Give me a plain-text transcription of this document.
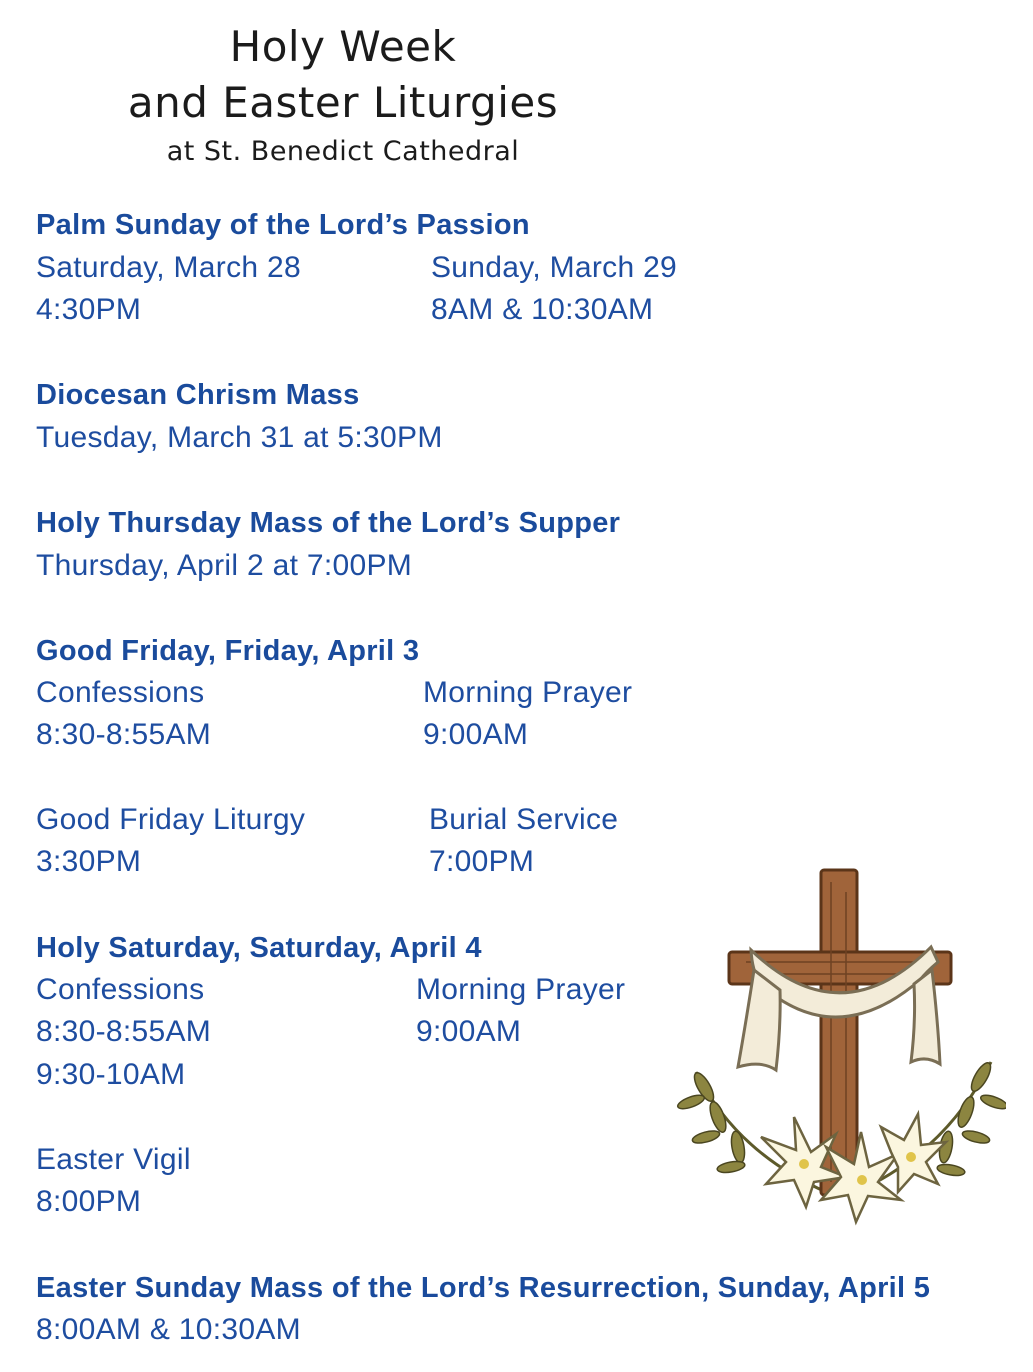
Holy Week
and Easter Liturgies
at St. Benedict Cathedral
Palm Sunday of the Lord’s Passion
Saturday, March 28
4:30PM
Sunday, March 29
8AM & 10:30AM
Diocesan Chrism Mass
Tuesday, March 31 at 5:30PM
Holy Thursday Mass of the Lord’s Supper
Thursday, April 2 at 7:00PM
Good Friday, Friday, April 3
Confessions
8:30-8:55AM
Morning Prayer
9:00AM
Good Friday Liturgy
3:30PM
Burial Service
7:00PM
Holy Saturday, Saturday, April 4
Confessions
8:30-8:55AM
9:30-10AM
Morning Prayer
9:00AM
Easter Vigil
8:00PM
Easter Sunday Mass of the Lord’s Resurrection, Sunday, April 5
8:00AM & 10:30AM
